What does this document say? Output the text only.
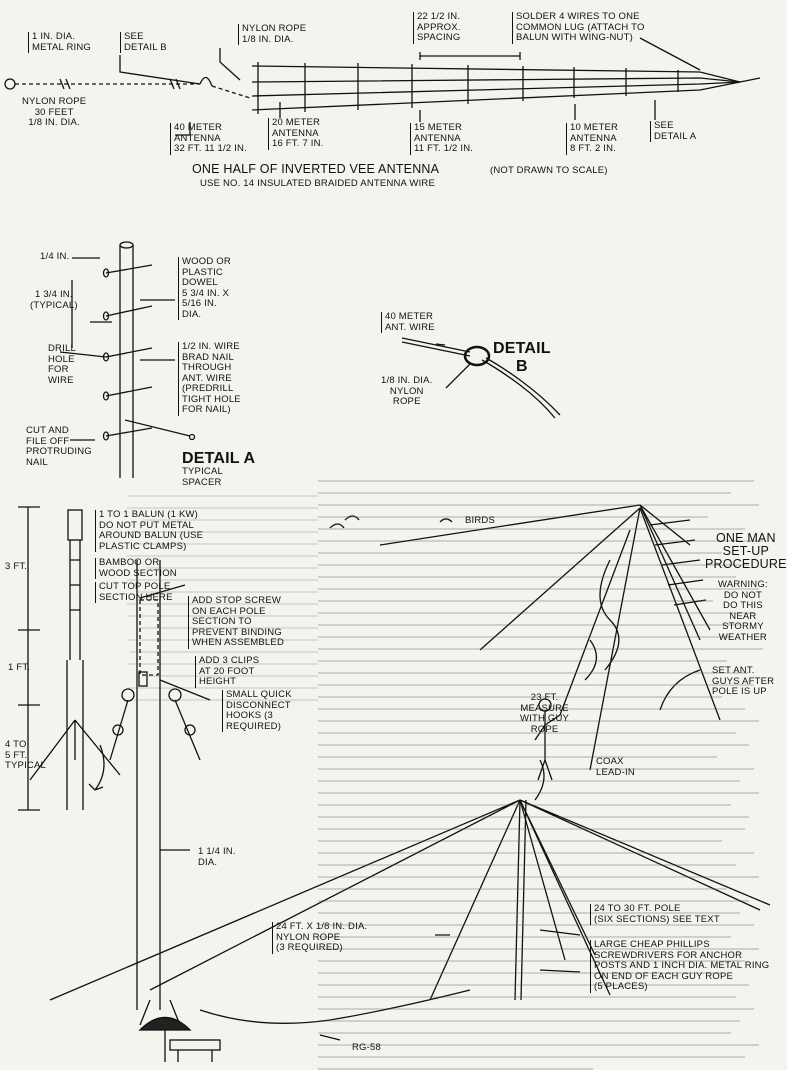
1 IN. DIA.
METAL RING
SEE
DETAIL B
NYLON ROPE
1/8 IN. DIA.
22 1/2 IN.
APPROX.
SPACING
SOLDER 4 WIRES TO ONE
COMMON LUG (ATTACH TO
BALUN WITH WING-NUT)
NYLON ROPE
30 FEET
1/8 IN. DIA.	40 METER
ANTENNA
32 FT. 11 1/2 IN.
20 METER
ANTENNA
16 FT. 7 IN.
15 METER
ANTENNA
11 FT. 1/2 IN.
10 METER
ANTENNA
8 FT. 2 IN.
SEE
DETAIL A
ONE HALF OF INVERTED VEE ANTENNA	(NOT DRAWN TO SCALE)
USE NO. 14 INSULATED BRAIDED ANTENNA WIRE
1/4 IN.
1 3/4 IN.
(TYPICAL)
WOOD OR
PLASTIC
DOWEL
5 3/4 IN. X
5/16 IN.
DIA.
1/2 IN. WIRE
BRAD NAIL
THROUGH
ANT. WIRE
(PREDRILL
TIGHT HOLE
FOR NAIL)
DRILL
HOLE
FOR
WIRE
CUT AND
FILE OFF
PROTRUDING
NAIL	DETAIL A
TYPICAL
SPACER
40 METER
ANT. WIRE
DETAIL
B
1/8 IN. DIA.
NYLON
ROPE
1 TO 1 BALUN (1 KW)
DO NOT PUT METAL
AROUND BALUN (USE
PLASTIC CLAMPS)
BAMBOO OR
WOOD SECTION
CUT TOP POLE
SECTION HERE	ADD STOP SCREW
ON EACH POLE
SECTION TO
PREVENT BINDING
WHEN ASSEMBLED
ADD 3 CLIPS
AT 20 FOOT
HEIGHT
SMALL QUICK
DISCONNECT
HOOKS (3
REQUIRED)
1 1/4 IN.
DIA.
3 FT.
1 FT.
4 TO
5 FT.
TYPICAL
BIRDS
ONE MAN
SET-UP
PROCEDURE
WARNING:
DO NOT
DO THIS
NEAR
STORMY
WEATHER
23 FT.
MEASURE
WITH GUY
ROPE
COAX
LEAD-IN
SET ANT.
GUYS AFTER
POLE IS UP
24 FT. X 1/8 IN. DIA.
NYLON ROPE
(3 REQUIRED)
24 TO 30 FT. POLE
(SIX SECTIONS) SEE TEXT
LARGE CHEAP PHILLIPS
SCREWDRIVERS FOR ANCHOR
POSTS AND 1 INCH DIA. METAL RING
ON END OF EACH GUY ROPE
(5 PLACES)
RG-58
